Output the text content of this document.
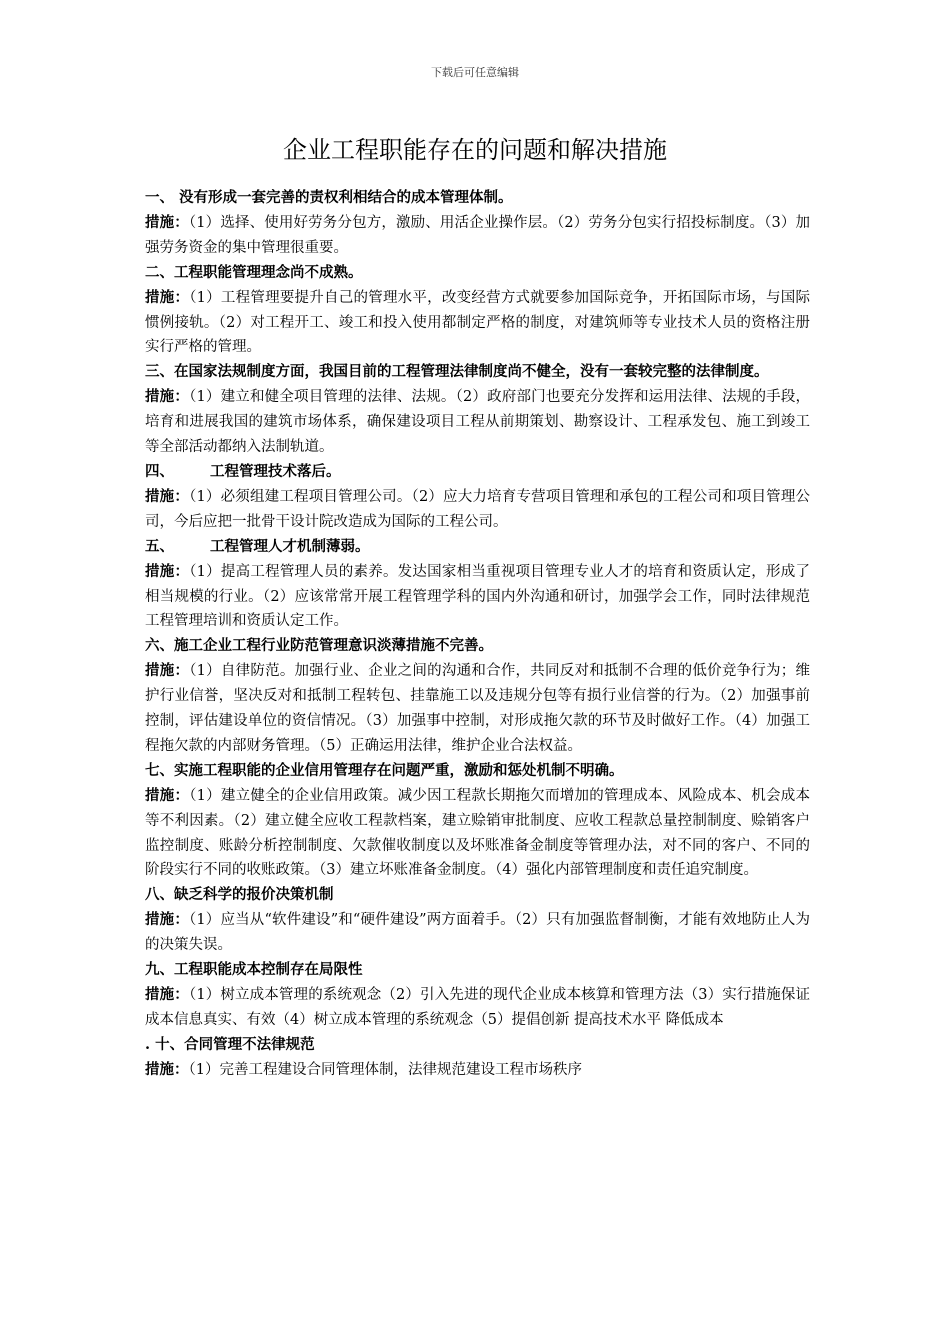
下载后可任意编辑
企业工程职能存在的问题和解决措施

一、 没有形成一套完善的责权利相结合的成本管理体制。

措施：（1）选择、使用好劳务分包方，激励、用活企业操作层。（2）劳务分包实行招投标制度。（3）加强劳务资金的集中管理很重要。

二、工程职能管理理念尚不成熟。

措施：（1）工程管理要提升自己的管理水平，改变经营方式就要参加国际竞争，开拓国际市场，与国际惯例接轨。（2）对工程开工、竣工和投入使用都制定严格的制度，对建筑师等专业技术人员的资格注册实行严格的管理。

三、在国家法规制度方面，我国目前的工程管理法律制度尚不健全，没有一套较完整的法律制度。

措施：（1）建立和健全项目管理的法律、法规。（2）政府部门也要充分发挥和运用法律、法规的手段，培育和进展我国的建筑市场体系，确保建设项目工程从前期策划、勘察设计、工程承发包、施工到竣工等全部活动都纳入法制轨道。

四、 工程管理技术落后。

措施：（1）必须组建工程项目管理公司。（2）应大力培育专营项目管理和承包的工程公司和项目管理公司，今后应把一批骨干设计院改造成为国际的工程公司。

五、 工程管理人才机制薄弱。

措施：（1）提高工程管理人员的素养。发达国家相当重视项目管理专业人才的培育和资质认定，形成了相当规模的行业。（2）应该常常开展工程管理学科的国内外沟通和研讨，加强学会工作，同时法律规范工程管理培训和资质认定工作。

六、施工企业工程行业防范管理意识淡薄措施不完善。

措施：（1）自律防范。加强行业、企业之间的沟通和合作，共同反对和抵制不合理的低价竞争行为；维护行业信誉，坚决反对和抵制工程转包、挂靠施工以及违规分包等有损行业信誉的行为。（2）加强事前控制，评估建设单位的资信情况。（3）加强事中控制，对形成拖欠款的环节及时做好工作。（4）加强工程拖欠款的内部财务管理。（5）正确运用法律，维护企业合法权益。

七、实施工程职能的企业信用管理存在问题严重，激励和惩处机制不明确。

措施：（1）建立健全的企业信用政策。减少因工程款长期拖欠而增加的管理成本、风险成本、机会成本等不利因素。（2）建立健全应收工程款档案，建立赊销审批制度、应收工程款总量控制制度、赊销客户监控制度、账龄分析控制制度、欠款催收制度以及坏账准备金制度等管理办法，对不同的客户、不同的阶段实行不同的收账政策。（3）建立坏账准备金制度。（4）强化内部管理制度和责任追究制度。

八、缺乏科学的报价决策机制

措施：（1）应当从“软件建设”和“硬件建设”两方面着手。（2）只有加强监督制衡，才能有效地防止人为的决策失误。

九、工程职能成本控制存在局限性

措施：（1）树立成本管理的系统观念（2）引入先进的现代企业成本核算和管理方法（3）实行措施保证成本信息真实、有效（4）树立成本管理的系统观念（5）提倡创新 提高技术水平 降低成本

. 十、合同管理不法律规范

措施：（1）完善工程建设合同管理体制，法律规范建设工程市场秩序
